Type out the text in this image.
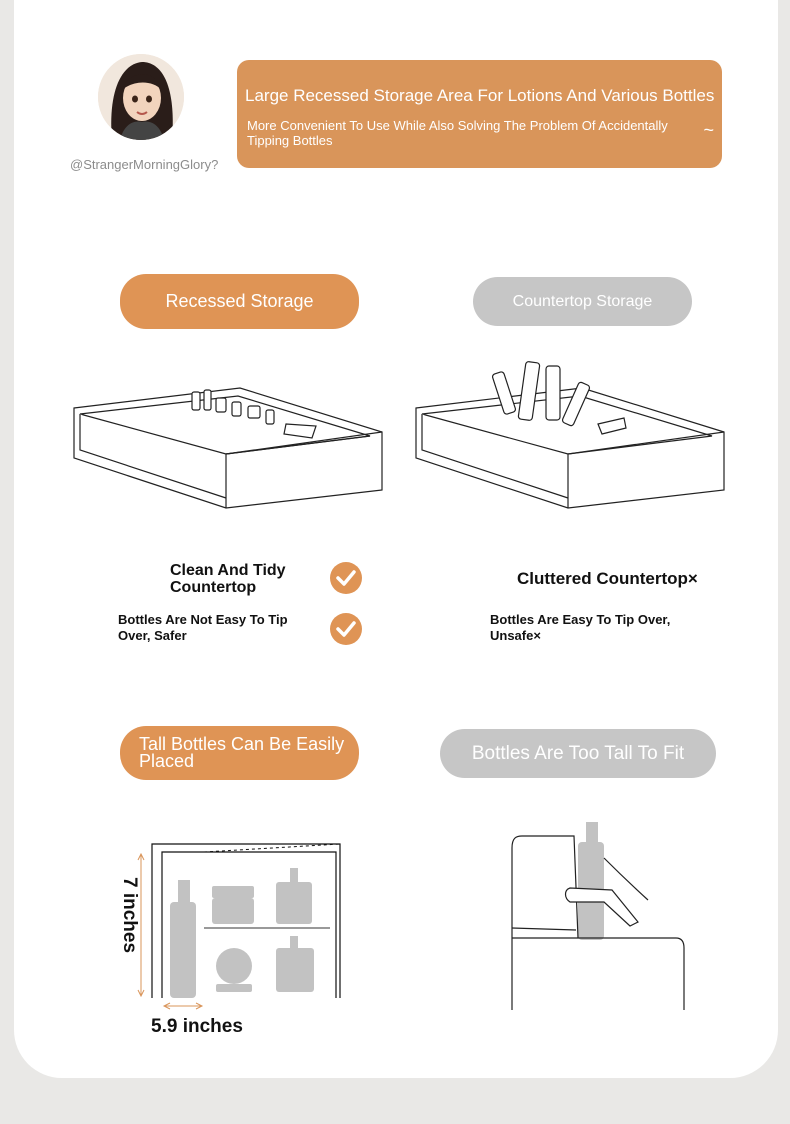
@StrangerMorningGlory?
Large Recessed Storage Area For Lotions And Various Bottles
More Convenient To Use While Also Solving The Problem Of Accidentally Tipping Bottles
~
Recessed Storage	Countertop Storage
Clean And Tidy Countertop
Bottles Are Not Easy To Tip Over, Safer
Cluttered Countertop×
Bottles Are Easy To Tip Over, Unsafe×
Tall Bottles Can Be Easily Placed	Bottles Are Too Tall To Fit
7 inches
5.9 inches
